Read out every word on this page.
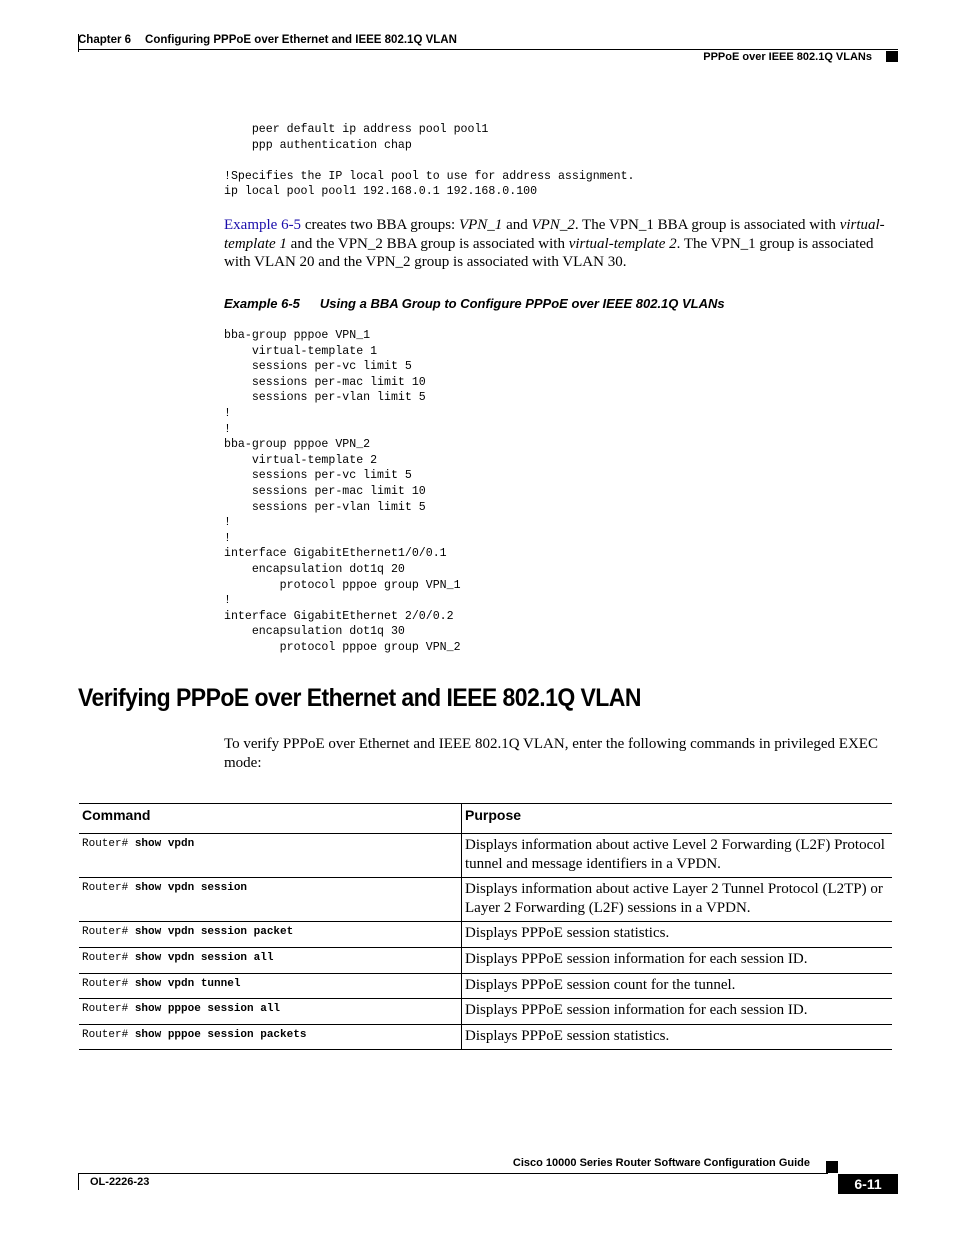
Chapter 6 Configuring PPPoE over Ethernet and IEEE 802.1Q VLAN
PPPoE over IEEE 802.1Q VLANs
peer default ip address pool pool1
ppp authentication chap

!Specifies the IP local pool to use for address assignment.
ip local pool pool1 192.168.0.1 192.168.0.100
Example 6-5 creates two BBA groups: VPN_1 and VPN_2. The VPN_1 BBA group is associated with virtual-template 1 and the VPN_2 BBA group is associated with virtual-template 2. The VPN_1 group is associated with VLAN 20 and the VPN_2 group is associated with VLAN 30.
Example 6-5 Using a BBA Group to Configure PPPoE over IEEE 802.1Q VLANs
bba-group pppoe VPN_1
virtual-template 1
sessions per-vc limit 5
sessions per-mac limit 10
sessions per-vlan limit 5
!
!
bba-group pppoe VPN_2
virtual-template 2
sessions per-vc limit 5
sessions per-mac limit 10
sessions per-vlan limit 5
!
!
interface GigabitEthernet1/0/0.1
encapsulation dot1q 20
protocol pppoe group VPN_1
!
interface GigabitEthernet 2/0/0.2
encapsulation dot1q 30
protocol pppoe group VPN_2
Verifying PPPoE over Ethernet and IEEE 802.1Q VLAN
To verify PPPoE over Ethernet and IEEE 802.1Q VLAN, enter the following commands in privileged EXEC mode:
Command	Purpose
Router# show vpdn	Displays information about active Level 2 Forwarding (L2F) Protocol tunnel and message identifiers in a VPDN.
Router# show vpdn session	Displays information about active Layer 2 Tunnel Protocol (L2TP) or Layer 2 Forwarding (L2F) sessions in a VPDN.
Router# show vpdn session packet	Displays PPPoE session statistics.
Router# show vpdn session all	Displays PPPoE session information for each session ID.
Router# show vpdn tunnel	Displays PPPoE session count for the tunnel.
Router# show pppoe session all	Displays PPPoE session information for each session ID.
Router# show pppoe session packets	Displays PPPoE session statistics.
Cisco 10000 Series Router Software Configuration Guide
OL-2226-23	6-11
